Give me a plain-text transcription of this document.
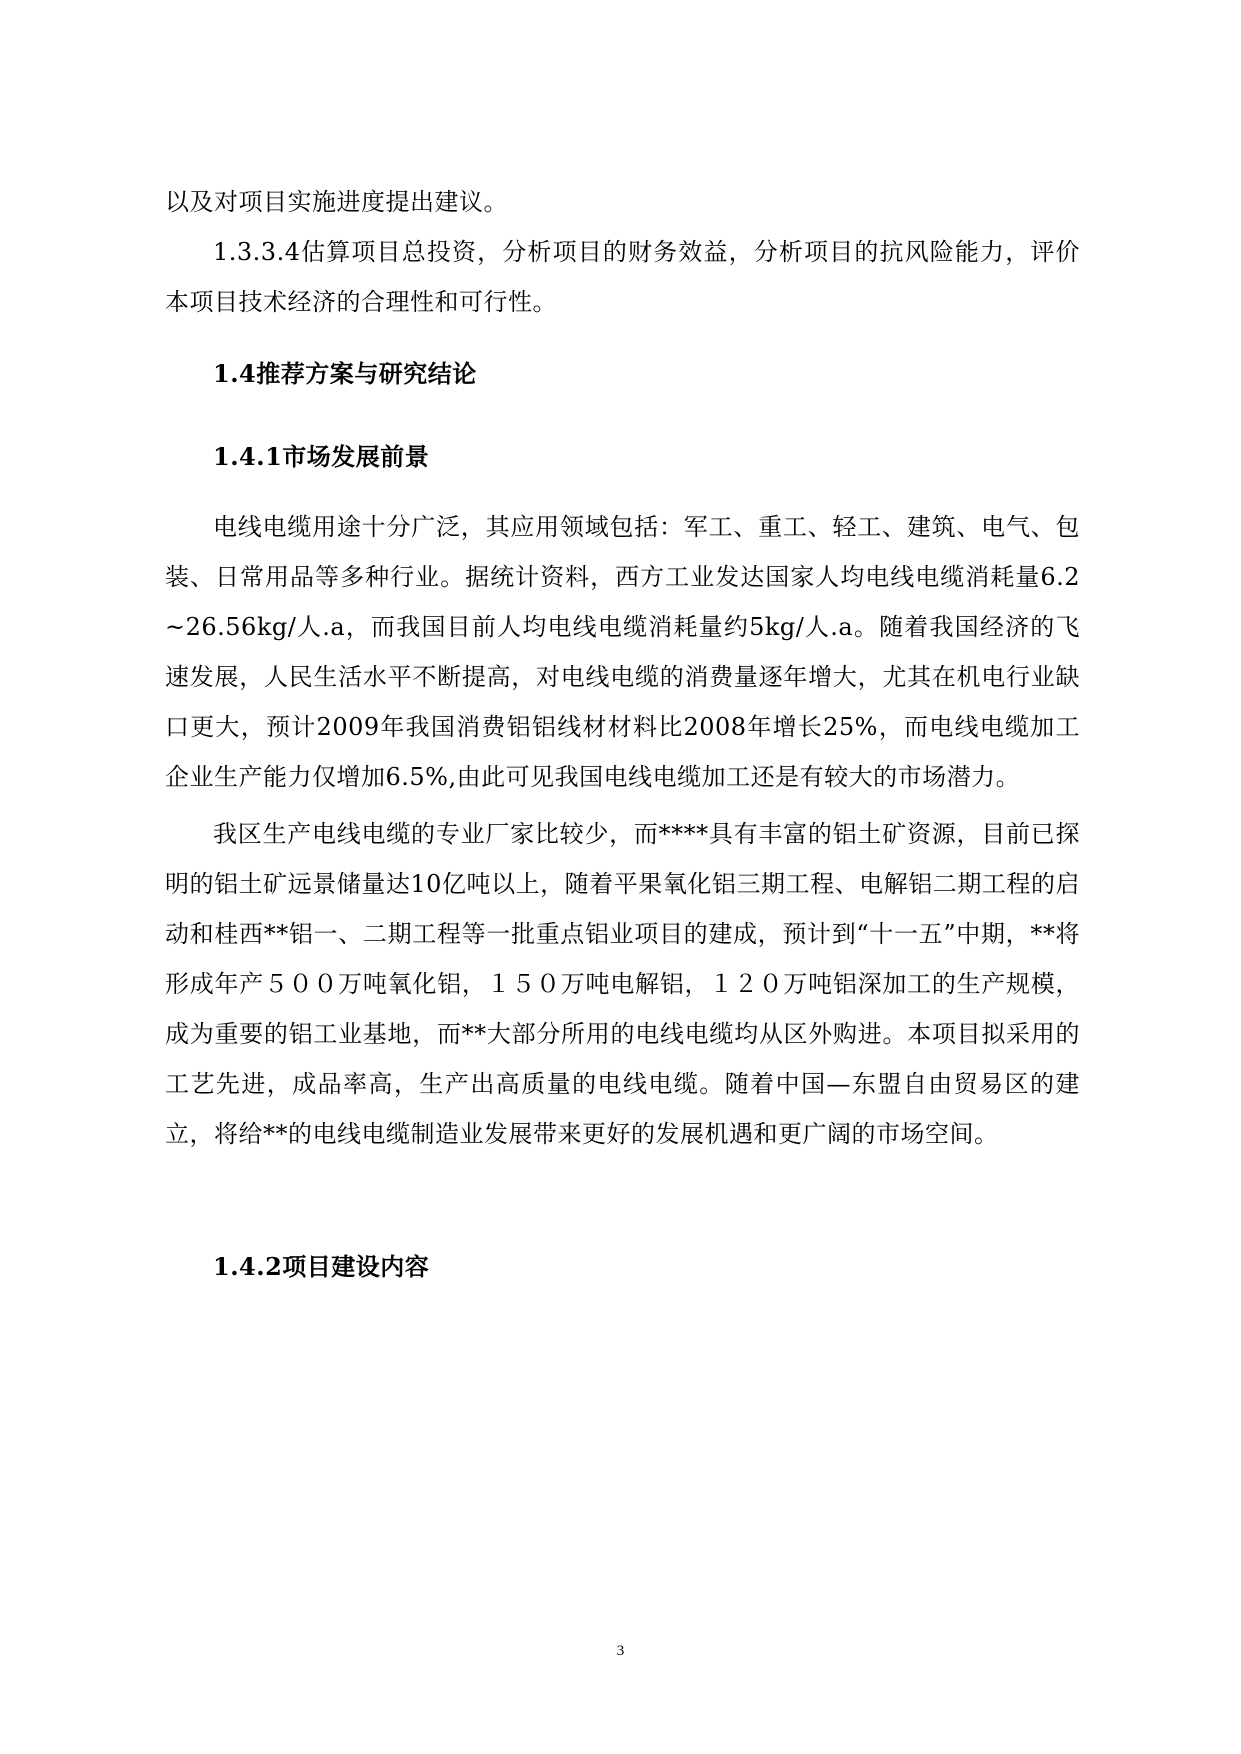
以及对项目实施进度提出建议。

1.3.3.4估算项目总投资，分析项目的财务效益，分析项目的抗风险能力，评价本项目技术经济的合理性和可行性。

1.4推荐方案与研究结论
1.4.1市场发展前景

电线电缆用途十分广泛，其应用领域包括：军工、重工、轻工、建筑、电气、包装、日常用品等多种行业。据统计资料，西方工业发达国家人均电线电缆消耗量6.2~26.56kg/人.a，而我国目前人均电线电缆消耗量约5kg/人.a。随着我国经济的飞速发展，人民生活水平不断提高，对电线电缆的消费量逐年增大，尤其在机电行业缺口更大，预计2009年我国消费铝铝线材材料比2008年增长25%，而电线电缆加工企业生产能力仅增加6.5%,由此可见我国电线电缆加工还是有较大的市场潜力。

我区生产电线电缆的专业厂家比较少，而****具有丰富的铝土矿资源，目前已探明的铝土矿远景储量达10亿吨以上，随着平果氧化铝三期工程、电解铝二期工程的启动和桂西**铝一、二期工程等一批重点铝业项目的建成，预计到“十一五”中期，**将形成年产５００万吨氧化铝，１５０万吨电解铝，１２０万吨铝深加工的生产规模，成为重要的铝工业基地，而**大部分所用的电线电缆均从区外购进。本项目拟采用的工艺先进，成品率高，生产出高质量的电线电缆。随着中国—东盟自由贸易区的建立，将给**的电线电缆制造业发展带来更好的发展机遇和更广阔的市场空间。

1.4.2项目建设内容
3
